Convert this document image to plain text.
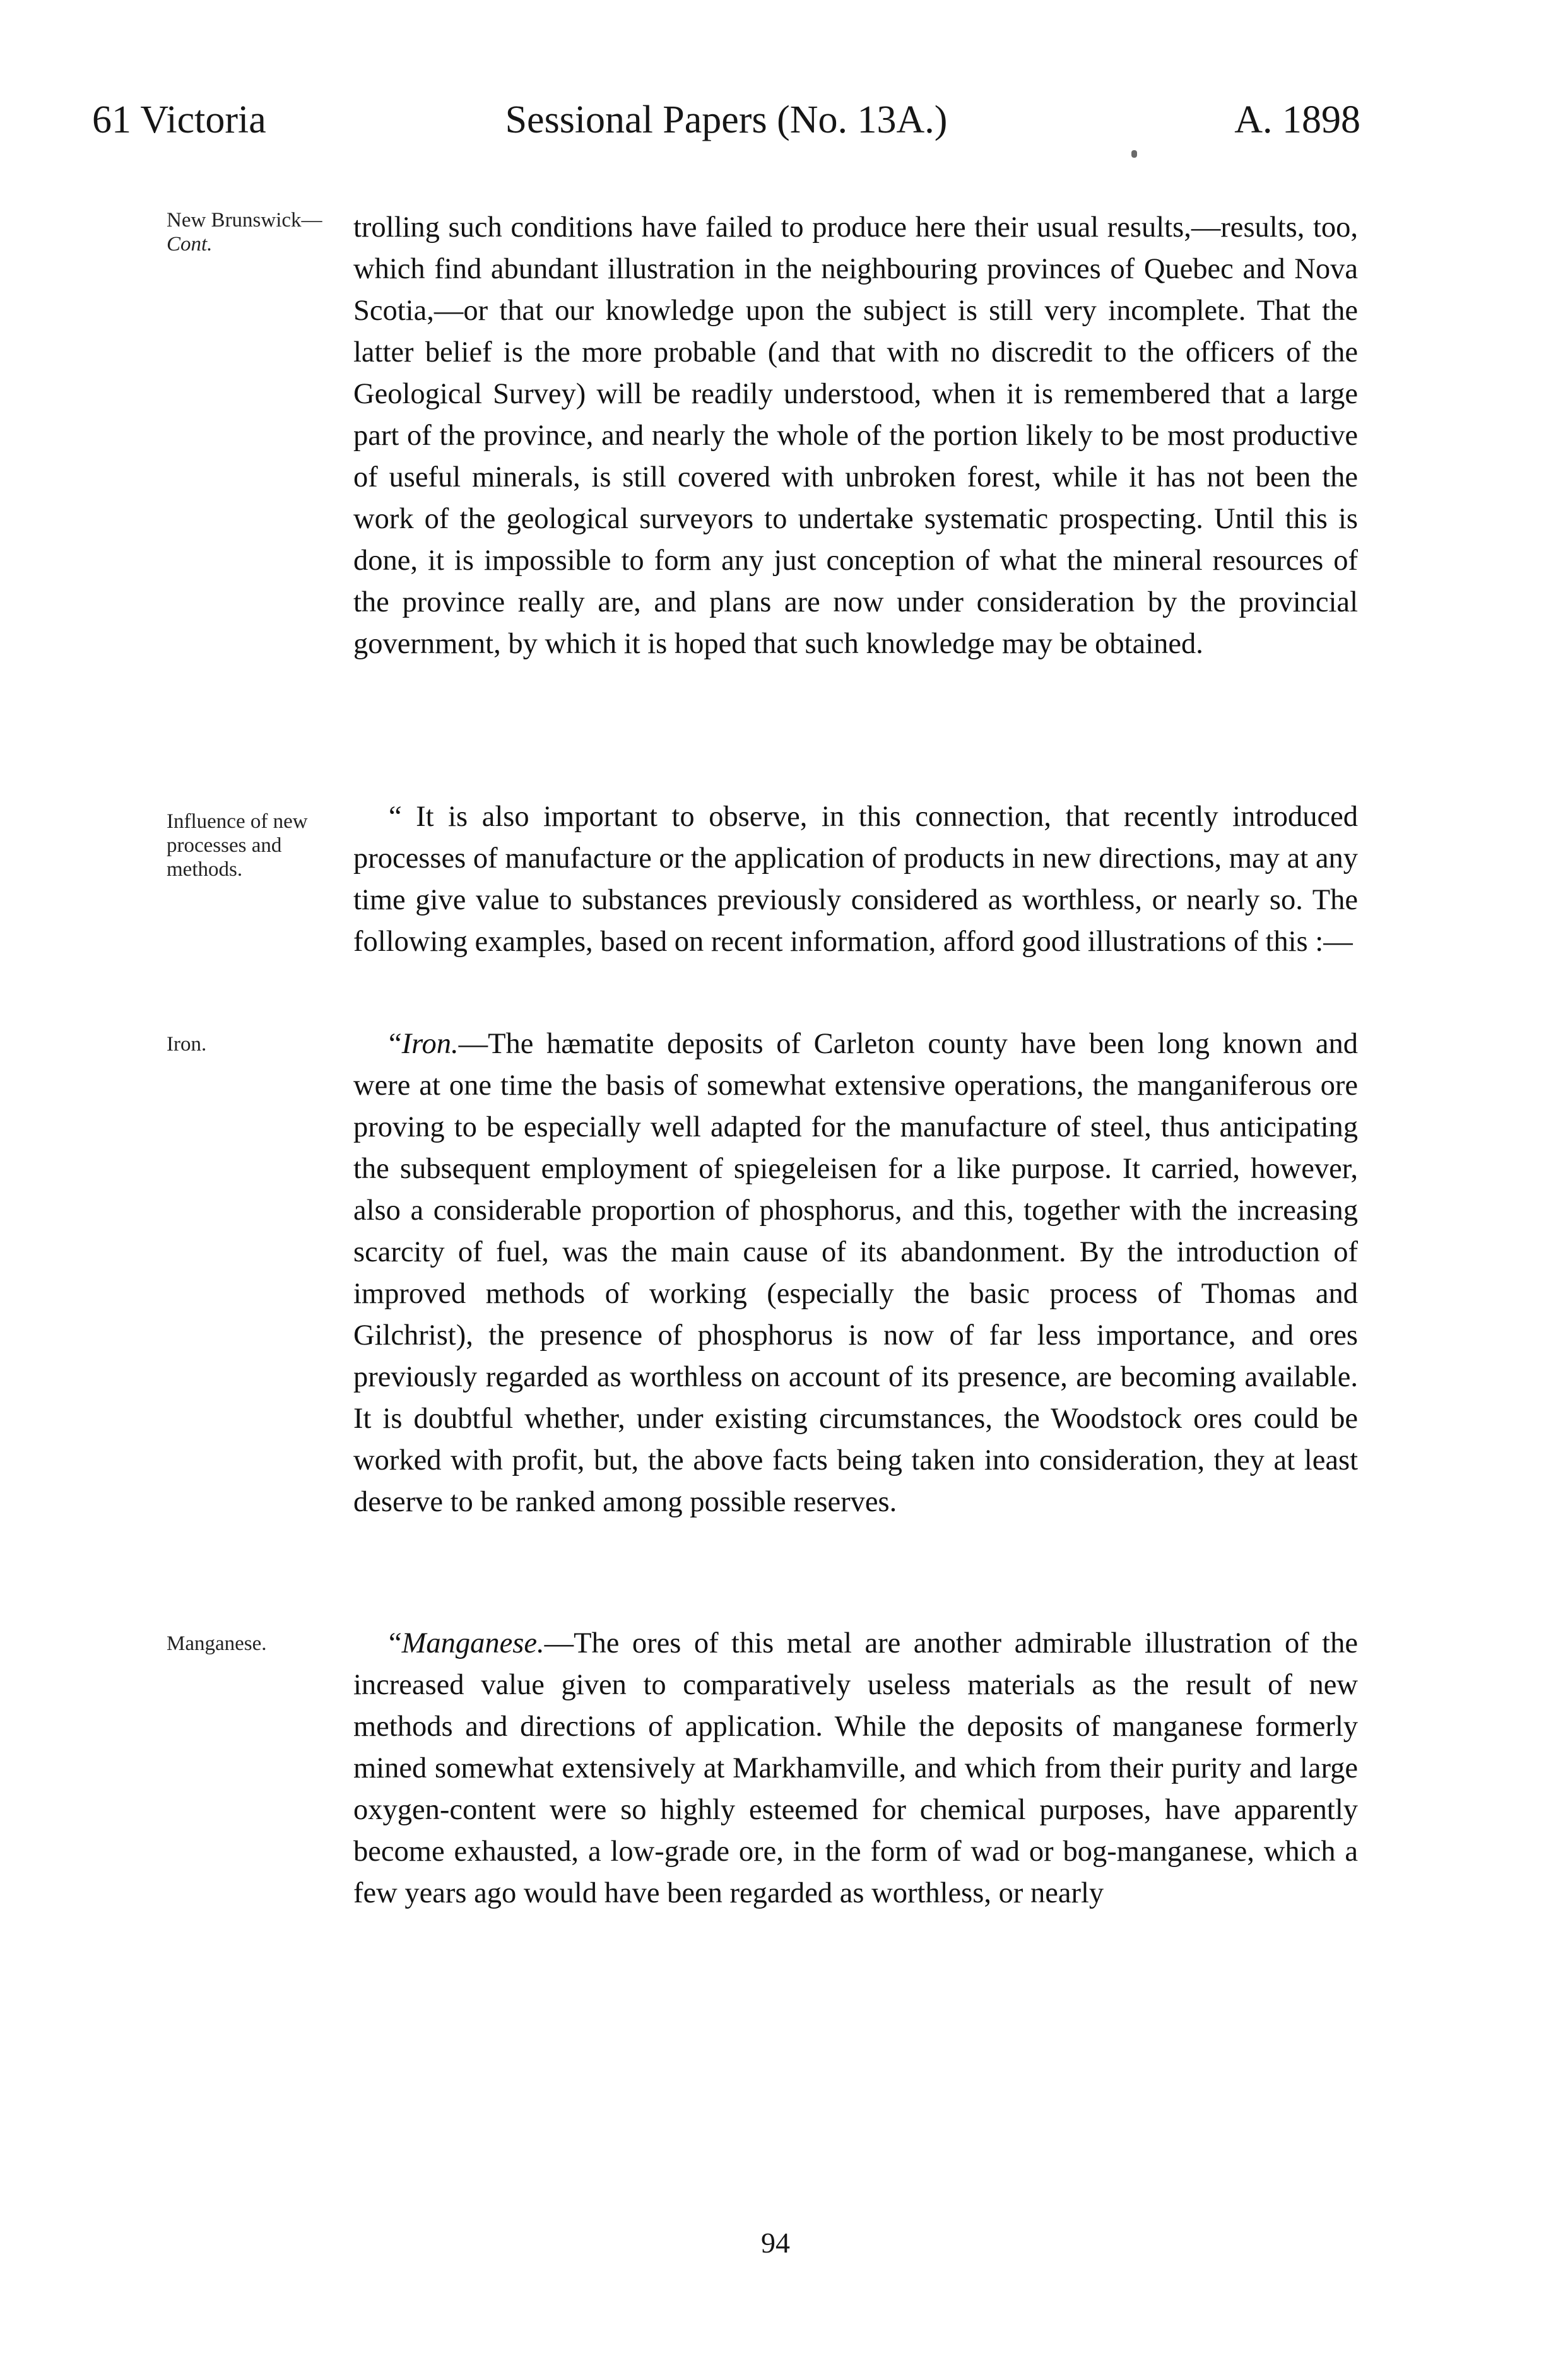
61 Victoria	Sessional Papers (No. 13A.)	A. 1898
New Brunswick—Cont.
trolling such conditions have failed to produce here their usual results,—results, too, which find abundant illustration in the neighbouring provinces of Quebec and Nova Scotia,—or that our knowledge upon the subject is still very incomplete. That the latter belief is the more probable (and that with no discredit to the officers of the Geological Survey) will be readily understood, when it is remembered that a large part of the province, and nearly the whole of the portion likely to be most productive of useful minerals, is still covered with unbroken forest, while it has not been the work of the geological surveyors to undertake systematic prospecting. Until this is done, it is impossible to form any just conception of what the mineral resources of the province really are, and plans are now under consideration by the provincial government, by which it is hoped that such knowledge may be obtained.
Influence of new processes and methods.
“ It is also important to observe, in this connection, that recently introduced processes of manufacture or the application of products in new directions, may at any time give value to substances previously considered as worthless, or nearly so. The following examples, based on recent information, afford good illustrations of this :—
Iron.	“Iron.—The hæmatite deposits of Carleton county have been long known and were at one time the basis of somewhat extensive operations, the manganiferous ore proving to be especially well adapted for the manufacture of steel, thus anticipating the subsequent employment of spiegeleisen for a like purpose. It carried, however, also a considerable proportion of phosphorus, and this, together with the increasing scarcity of fuel, was the main cause of its abandonment. By the introduction of improved methods of working (especially the basic process of Thomas and Gilchrist), the presence of phosphorus is now of far less importance, and ores previously regarded as worthless on account of its presence, are becoming available. It is doubtful whether, under existing circumstances, the Woodstock ores could be worked with profit, but, the above facts being taken into consideration, they at least deserve to be ranked among possible reserves.
Manganese.	“Manganese.—The ores of this metal are another admirable illustration of the increased value given to comparatively useless materials as the result of new methods and directions of application. While the deposits of manganese formerly mined somewhat extensively at Markhamville, and which from their purity and large oxygen-content were so highly esteemed for chemical purposes, have apparently become exhausted, a low-grade ore, in the form of wad or bog-manganese, which a few years ago would have been regarded as worthless, or nearly
94
